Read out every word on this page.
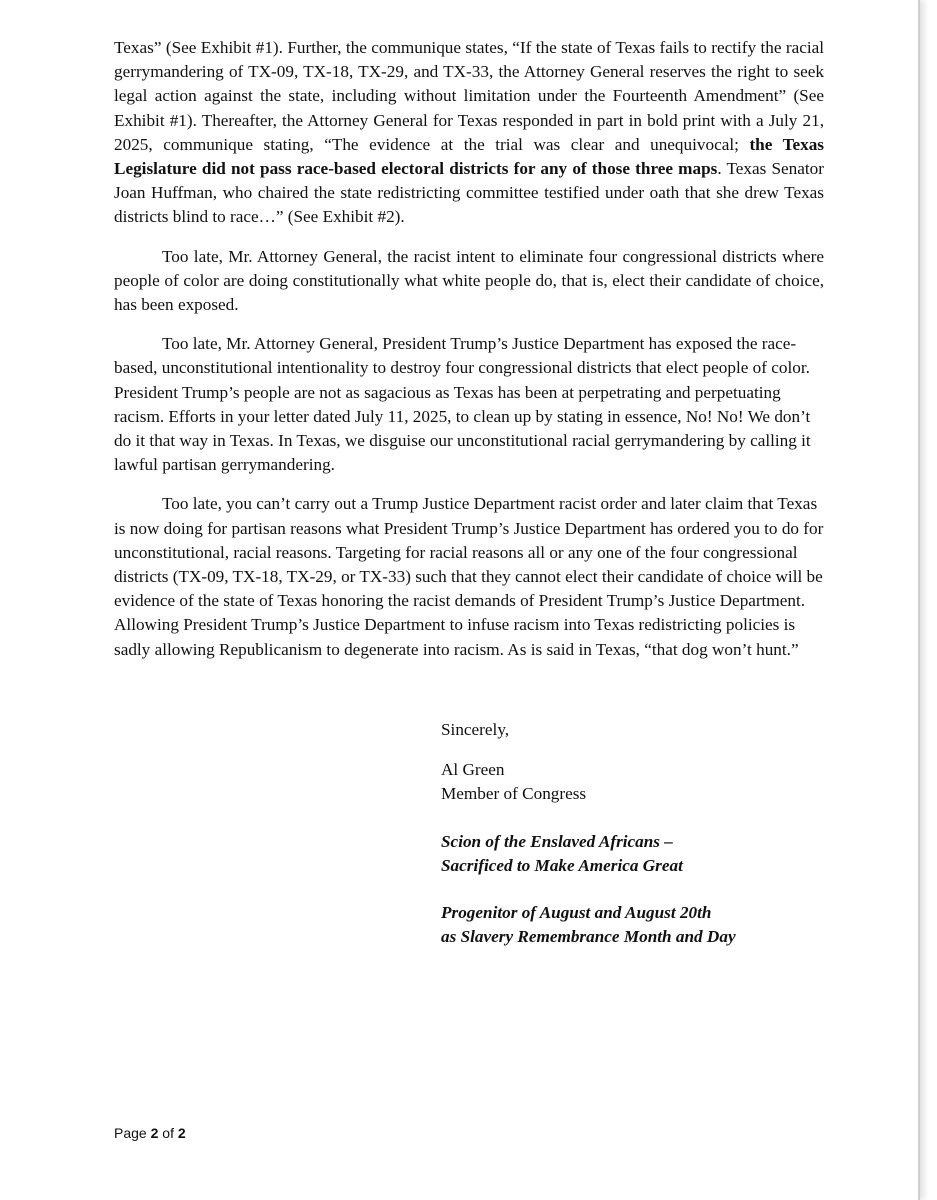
Texas” (See Exhibit #1). Further, the communique states, “If the state of Texas fails to rectify the racial gerrymandering of TX-09, TX-18, TX-29, and TX-33, the Attorney General reserves the right to seek legal action against the state, including without limitation under the Fourteenth Amendment” (See Exhibit #1). Thereafter, the Attorney General for Texas responded in part in bold print with a July 21, 2025, communique stating, “The evidence at the trial was clear and unequivocal; the Texas Legislature did not pass race-based electoral districts for any of those three maps. Texas Senator Joan Huffman, who chaired the state redistricting committee testified under oath that she drew Texas districts blind to race…” (See Exhibit #2).

Too late, Mr. Attorney General, the racist intent to eliminate four congressional districts where people of color are doing constitutionally what white people do, that is, elect their candidate of choice, has been exposed.

Too late, Mr. Attorney General, President Trump’s Justice Department has exposed the race-based, unconstitutional intentionality to destroy four congressional districts that elect people of color. President Trump’s people are not as sagacious as Texas has been at perpetrating and perpetuating racism. Efforts in your letter dated July 11, 2025, to clean up by stating in essence, No! No! We don’t do it that way in Texas. In Texas, we disguise our unconstitutional racial gerrymandering by calling it lawful partisan gerrymandering.

Too late, you can’t carry out a Trump Justice Department racist order and later claim that Texas is now doing for partisan reasons what President Trump’s Justice Department has ordered you to do for unconstitutional, racial reasons. Targeting for racial reasons all or any one of the four congressional districts (TX-09, TX-18, TX-29, or TX-33) such that they cannot elect their candidate of choice will be evidence of the state of Texas honoring the racist demands of President Trump’s Justice Department. Allowing President Trump’s Justice Department to infuse racism into Texas redistricting policies is sadly allowing Republicanism to degenerate into racism. As is said in Texas, “that dog won’t hunt.”

Sincerely,
Al Green
Member of Congress
Scion of the Enslaved Africans –
Sacrificed to Make America Great
Progenitor of August and August 20th
as Slavery Remembrance Month and Day
Page 2 of 2
